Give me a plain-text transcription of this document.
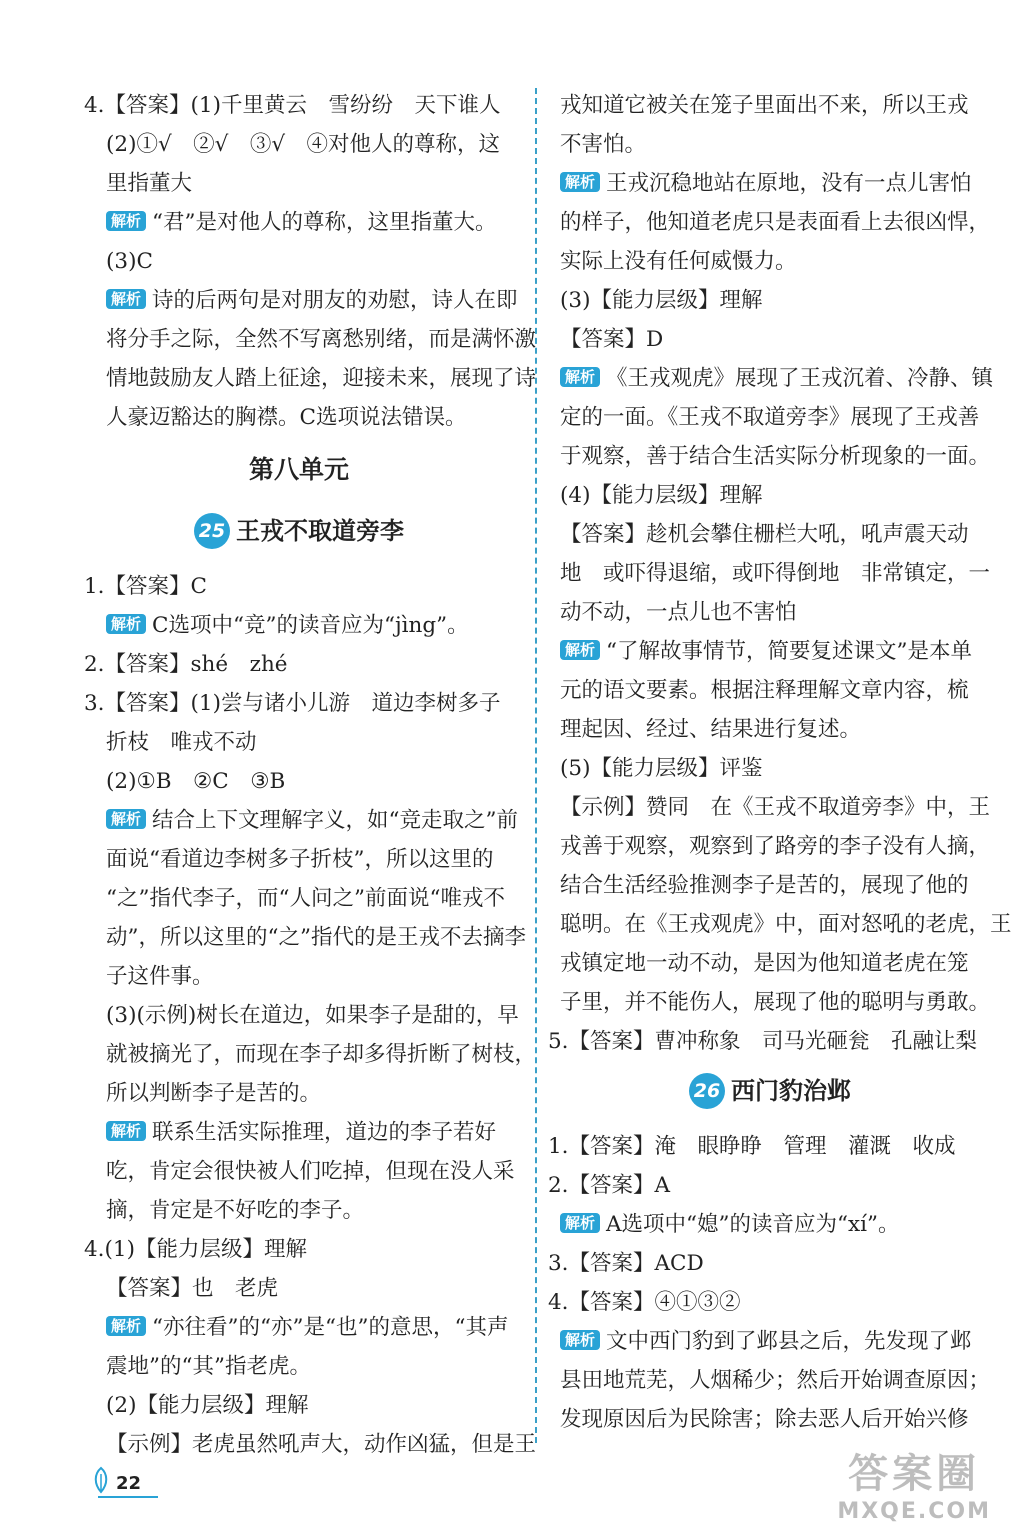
4.【答案】(1)千里黄云　雪纷纷　天下谁人
(2)①√　②√　③√　④对他人的尊称，这
里指董大
解析 “君”是对他人的尊称，这里指董大。
(3)C
解析 诗的后两句是对朋友的劝慰，诗人在即
将分手之际，全然不写离愁别绪，而是满怀激
情地鼓励友人踏上征途，迎接未来，展现了诗
人豪迈豁达的胸襟。C选项说法错误。
第八单元
25 王戎不取道旁李
1.【答案】C
解析 C选项中“竞”的读音应为“jìng”。
2.【答案】shé　zhé
3.【答案】(1)尝与诸小儿游　道边李树多子
折枝　唯戎不动
(2)①B　②C　③B
解析 结合上下文理解字义，如“竞走取之”前
面说“看道边李树多子折枝”，所以这里的
“之”指代李子，而“人问之”前面说“唯戎不
动”，所以这里的“之”指代的是王戎不去摘李
子这件事。
(3)(示例)树长在道边，如果李子是甜的，早
就被摘光了，而现在李子却多得折断了树枝，
所以判断李子是苦的。
解析 联系生活实际推理，道边的李子若好
吃，肯定会很快被人们吃掉，但现在没人采
摘，肯定是不好吃的李子。
4.(1)【能力层级】理解
【答案】也　老虎
解析 “亦往看”的“亦”是“也”的意思，“其声
震地”的“其”指老虎。
(2)【能力层级】理解
【示例】老虎虽然吼声大，动作凶猛，但是王
戎知道它被关在笼子里面出不来，所以王戎
不害怕。
解析 王戎沉稳地站在原地，没有一点儿害怕
的样子，他知道老虎只是表面看上去很凶悍，
实际上没有任何威慑力。
(3)【能力层级】理解
【答案】D
解析 《王戎观虎》展现了王戎沉着、冷静、镇
定的一面。《王戎不取道旁李》展现了王戎善
于观察，善于结合生活实际分析现象的一面。
(4)【能力层级】理解
【答案】趁机会攀住栅栏大吼，吼声震天动
地　或吓得退缩，或吓得倒地　非常镇定，一
动不动，一点儿也不害怕
解析 “了解故事情节，简要复述课文”是本单
元的语文要素。根据注释理解文章内容，梳
理起因、经过、结果进行复述。
(5)【能力层级】评鉴
【示例】赞同　在《王戎不取道旁李》中，王
戎善于观察，观察到了路旁的李子没有人摘，
结合生活经验推测李子是苦的，展现了他的
聪明。在《王戎观虎》中，面对怒吼的老虎，王
戎镇定地一动不动，是因为他知道老虎在笼
子里，并不能伤人，展现了他的聪明与勇敢。
5.【答案】曹冲称象　司马光砸瓮　孔融让梨
26 西门豹治邺
1.【答案】淹　眼睁睁　管理　灌溉　收成
2.【答案】A
解析 A选项中“媳”的读音应为“xí”。
3.【答案】ACD
4.【答案】④①③②
解析 文中西门豹到了邺县之后，先发现了邺
县田地荒芜，人烟稀少；然后开始调查原因；
发现原因后为民除害；除去恶人后开始兴修
22	答案圈
MXQE.COM
